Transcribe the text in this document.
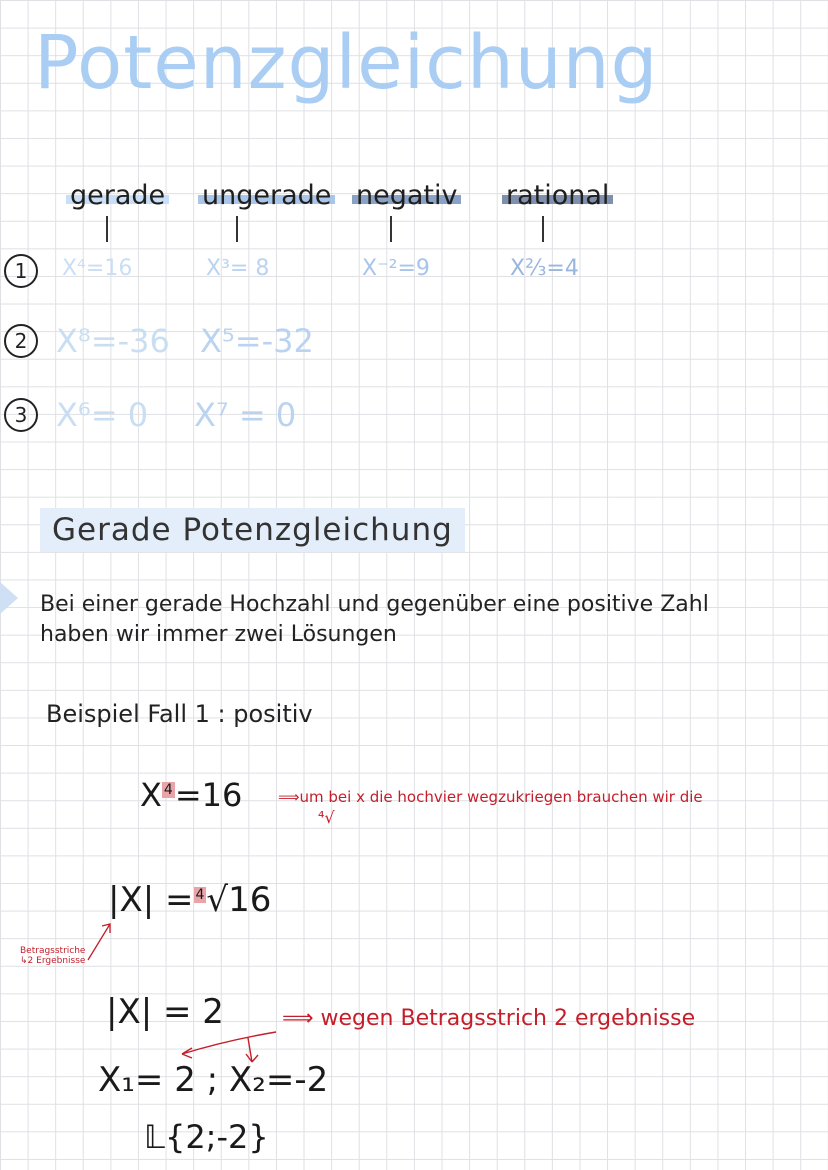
Potenzgleichung
gerade ungerade negativ rational
1	X⁴=16	X³= 8	X⁻²=9	X⅔=4
2 X⁸=-36 X⁵=-32
3 X⁶= 0 X⁷ = 0
Gerade Potenzgleichung
Bei einer gerade Hochzahl und gegenüber eine positive Zahl
haben wir immer zwei Lösungen
Beispiel Fall 1 : positiv
X $^4$=16 ⟹um bei x die hochvier wegzukriegen brauchen wir die
⁴√
|X| = $^4$√16
Betragsstriche
↳2 Ergebnisse
|X| = 2	⟹ wegen Betragsstrich 2 ergebnisse
X₁= 2 ; X₂=-2
𝕃{2;-2}
